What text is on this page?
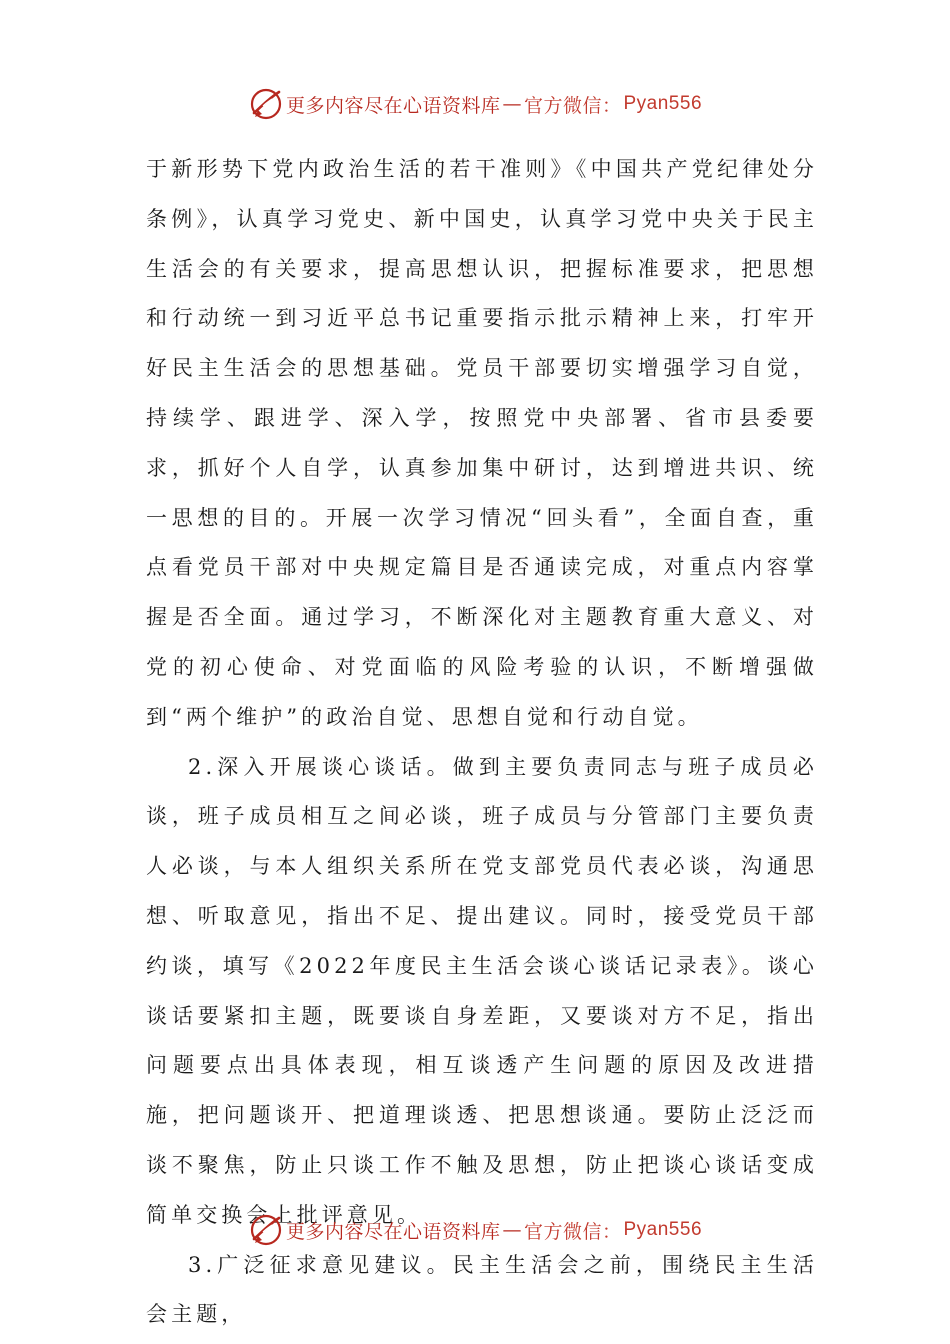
更多内容尽在心语资料库 — 官方微信： Pyan556

于新形势下党内政治生活的若干准则》《中国共产党纪律处分条例》，认真学习党史、新中国史，认真学习党中央关于民主生活会的有关要求，提高思想认识，把握标准要求，把思想和行动统一到习近平总书记重要指示批示精神上来，打牢开好民主生活会的思想基础。党员干部要切实增强学习自觉，持续学、跟进学、深入学，按照党中央部署、省市县委要求，抓好个人自学，认真参加集中研讨，达到增进共识、统一思想的目的。开展一次学习情况“回头看”，全面自查，重点看党员干部对中央规定篇目是否通读完成，对重点内容掌握是否全面。通过学习，不断深化对主题教育重大意义、对党的初心使命、对党面临的风险考验的认识，不断增强做到“两个维护”的政治自觉、思想自觉和行动自觉。

2.深入开展谈心谈话。做到主要负责同志与班子成员必谈，班子成员相互之间必谈，班子成员与分管部门主要负责人必谈，与本人组织关系所在党支部党员代表必谈，沟通思想、听取意见，指出不足、提出建议。同时，接受党员干部约谈，填写《2022年度民主生活会谈心谈话记录表》。谈心谈话要紧扣主题，既要谈自身差距，又要谈对方不足，指出问题要点出具体表现，相互谈透产生问题的原因及改进措施，把问题谈开、把道理谈透、把思想谈通。要防止泛泛而谈不聚焦，防止只谈工作不触及思想，防止把谈心谈话变成简单交换会上批评意见。

3.广泛征求意见建议。民主生活会之前，围绕民主生活会主题，

更多内容尽在心语资料库 — 官方微信： Pyan556
